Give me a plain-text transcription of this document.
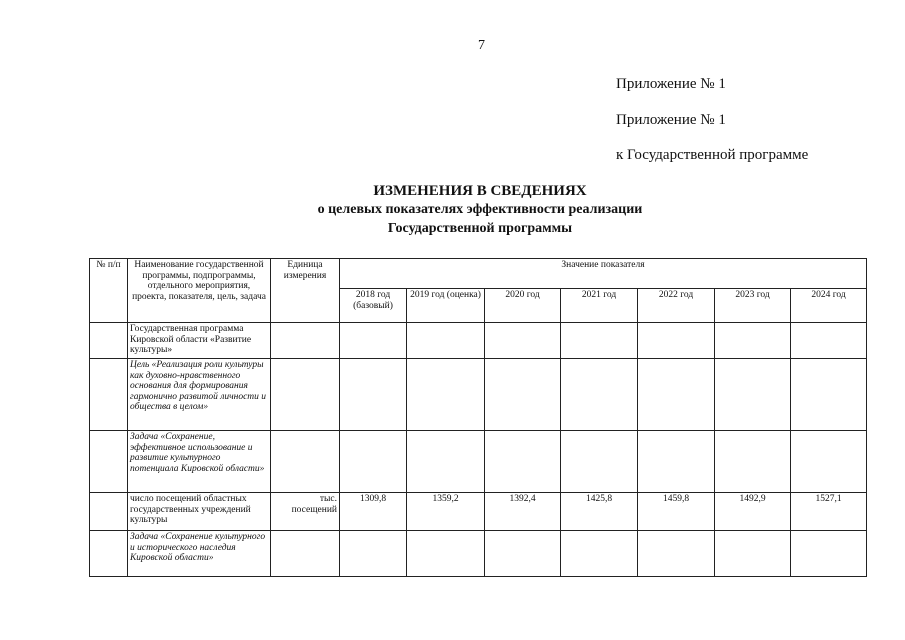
7
Приложение № 1
Приложение № 1
к Государственной программе
ИЗМЕНЕНИЯ В СВЕДЕНИЯХ
о целевых показателях эффективности реализации
Государственной программы
№ п/п	Наименование государственной программы, подпрограммы, отдельного мероприятия, проекта, показателя, цель, задача	Единица измерения	Значение показателя						
			2018 год (базовый)	2019 год (оценка)	2020 год	2021 год	2022 год	2023 год	2024 год
	Государственная программа Кировской области «Развитие культуры»								
	Цель «Реализация роли культуры как духовно-нравственного основания для формирования гармонично развитой личности и общества в целом»								
	Задача «Сохранение, эффективное использование и развитие культурного потенциала Кировской области»								
	число посещений областных государственных учреждений культуры	тыс. посещений	1309,8	1359,2	1392,4	1425,8	1459,8	1492,9	1527,1
	Задача «Сохранение культурного и исторического наследия Кировской области»								
